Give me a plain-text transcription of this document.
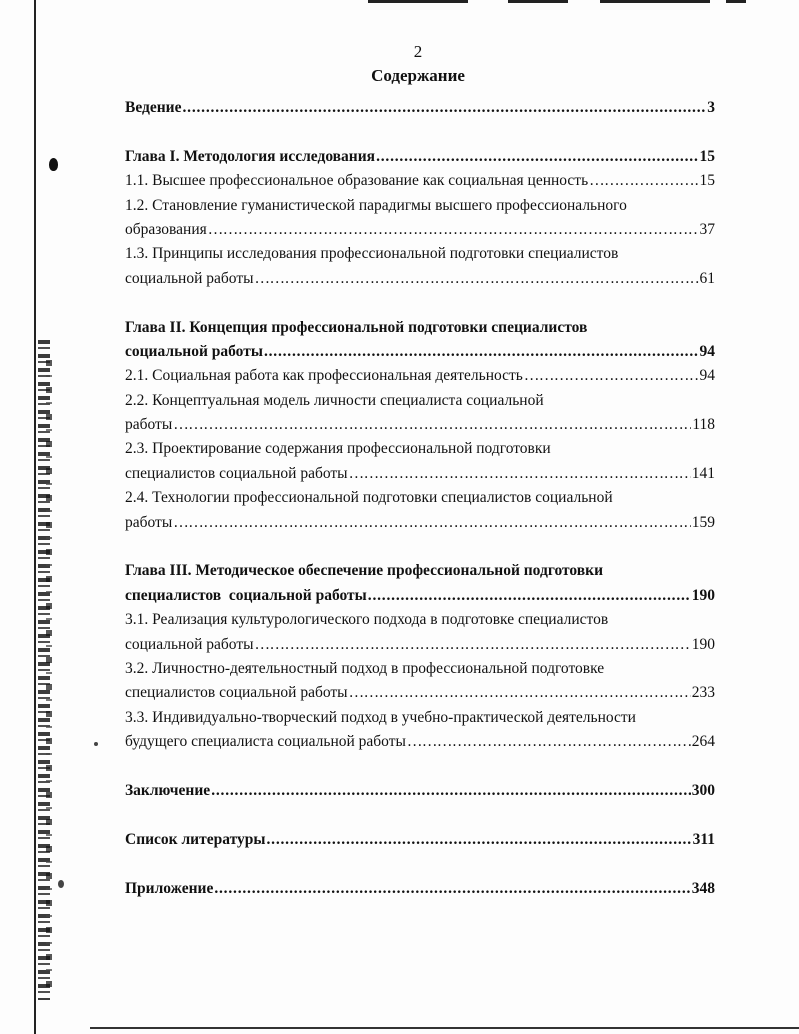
2
Содержание
Ведение .....	3
Глава I. Методология исследования .....	15
1.1. Высшее профессиональное образование как социальная ценность …………………………………………………………………………………………………………………………………………………………………………………………………………………………………………………	15
1.2. Становление гуманистической парадигмы высшего профессионального
образования …………………………………………………………………………………………………………………………………………………………………………………………………………………………………………………	37
1.3. Принципы исследования профессиональной подготовки специалистов
социальной работы …………………………………………………………………………………………………………………………………………………………………………………………………………………………………………………	61
Глава II. Концепция профессиональной подготовки специалистов
социальной работы .....	94
2.1. Социальная работа как профессиональная деятельность …………………………………………………………………………………………………………………………………………………………………………………………………………………………………………………	94
2.2. Концептуальная модель личности специалиста социальной
работы …………………………………………………………………………………………………………………………………………………………………………………………………………………………………………………	118
2.3. Проектирование содержания профессиональной подготовки
специалистов социальной работы …………………………………………………………………………………………………………………………………………………………………………………………………………………………………………………	141
2.4. Технологии профессиональной подготовки специалистов социальной
работы …………………………………………………………………………………………………………………………………………………………………………………………………………………………………………………	159
Глава III. Методическое обеспечение профессиональной подготовки
специалистов  социальной работы .....	190
3.1. Реализация культурологического подхода в подготовке специалистов
социальной работы …………………………………………………………………………………………………………………………………………………………………………………………………………………………………………………	190
3.2. Личностно-деятельностный подход в профессиональной подготовке
специалистов социальной работы …………………………………………………………………………………………………………………………………………………………………………………………………………………………………………………	233
3.3. Индивидуально-творческий подход в учебно-практической деятельности
будущего специалиста социальной работы …………………………………………………………………………………………………………………………………………………………………………………………………………………………………………………	264
Заключение .....	300
Список литературы .....	311
Приложение .....	348
